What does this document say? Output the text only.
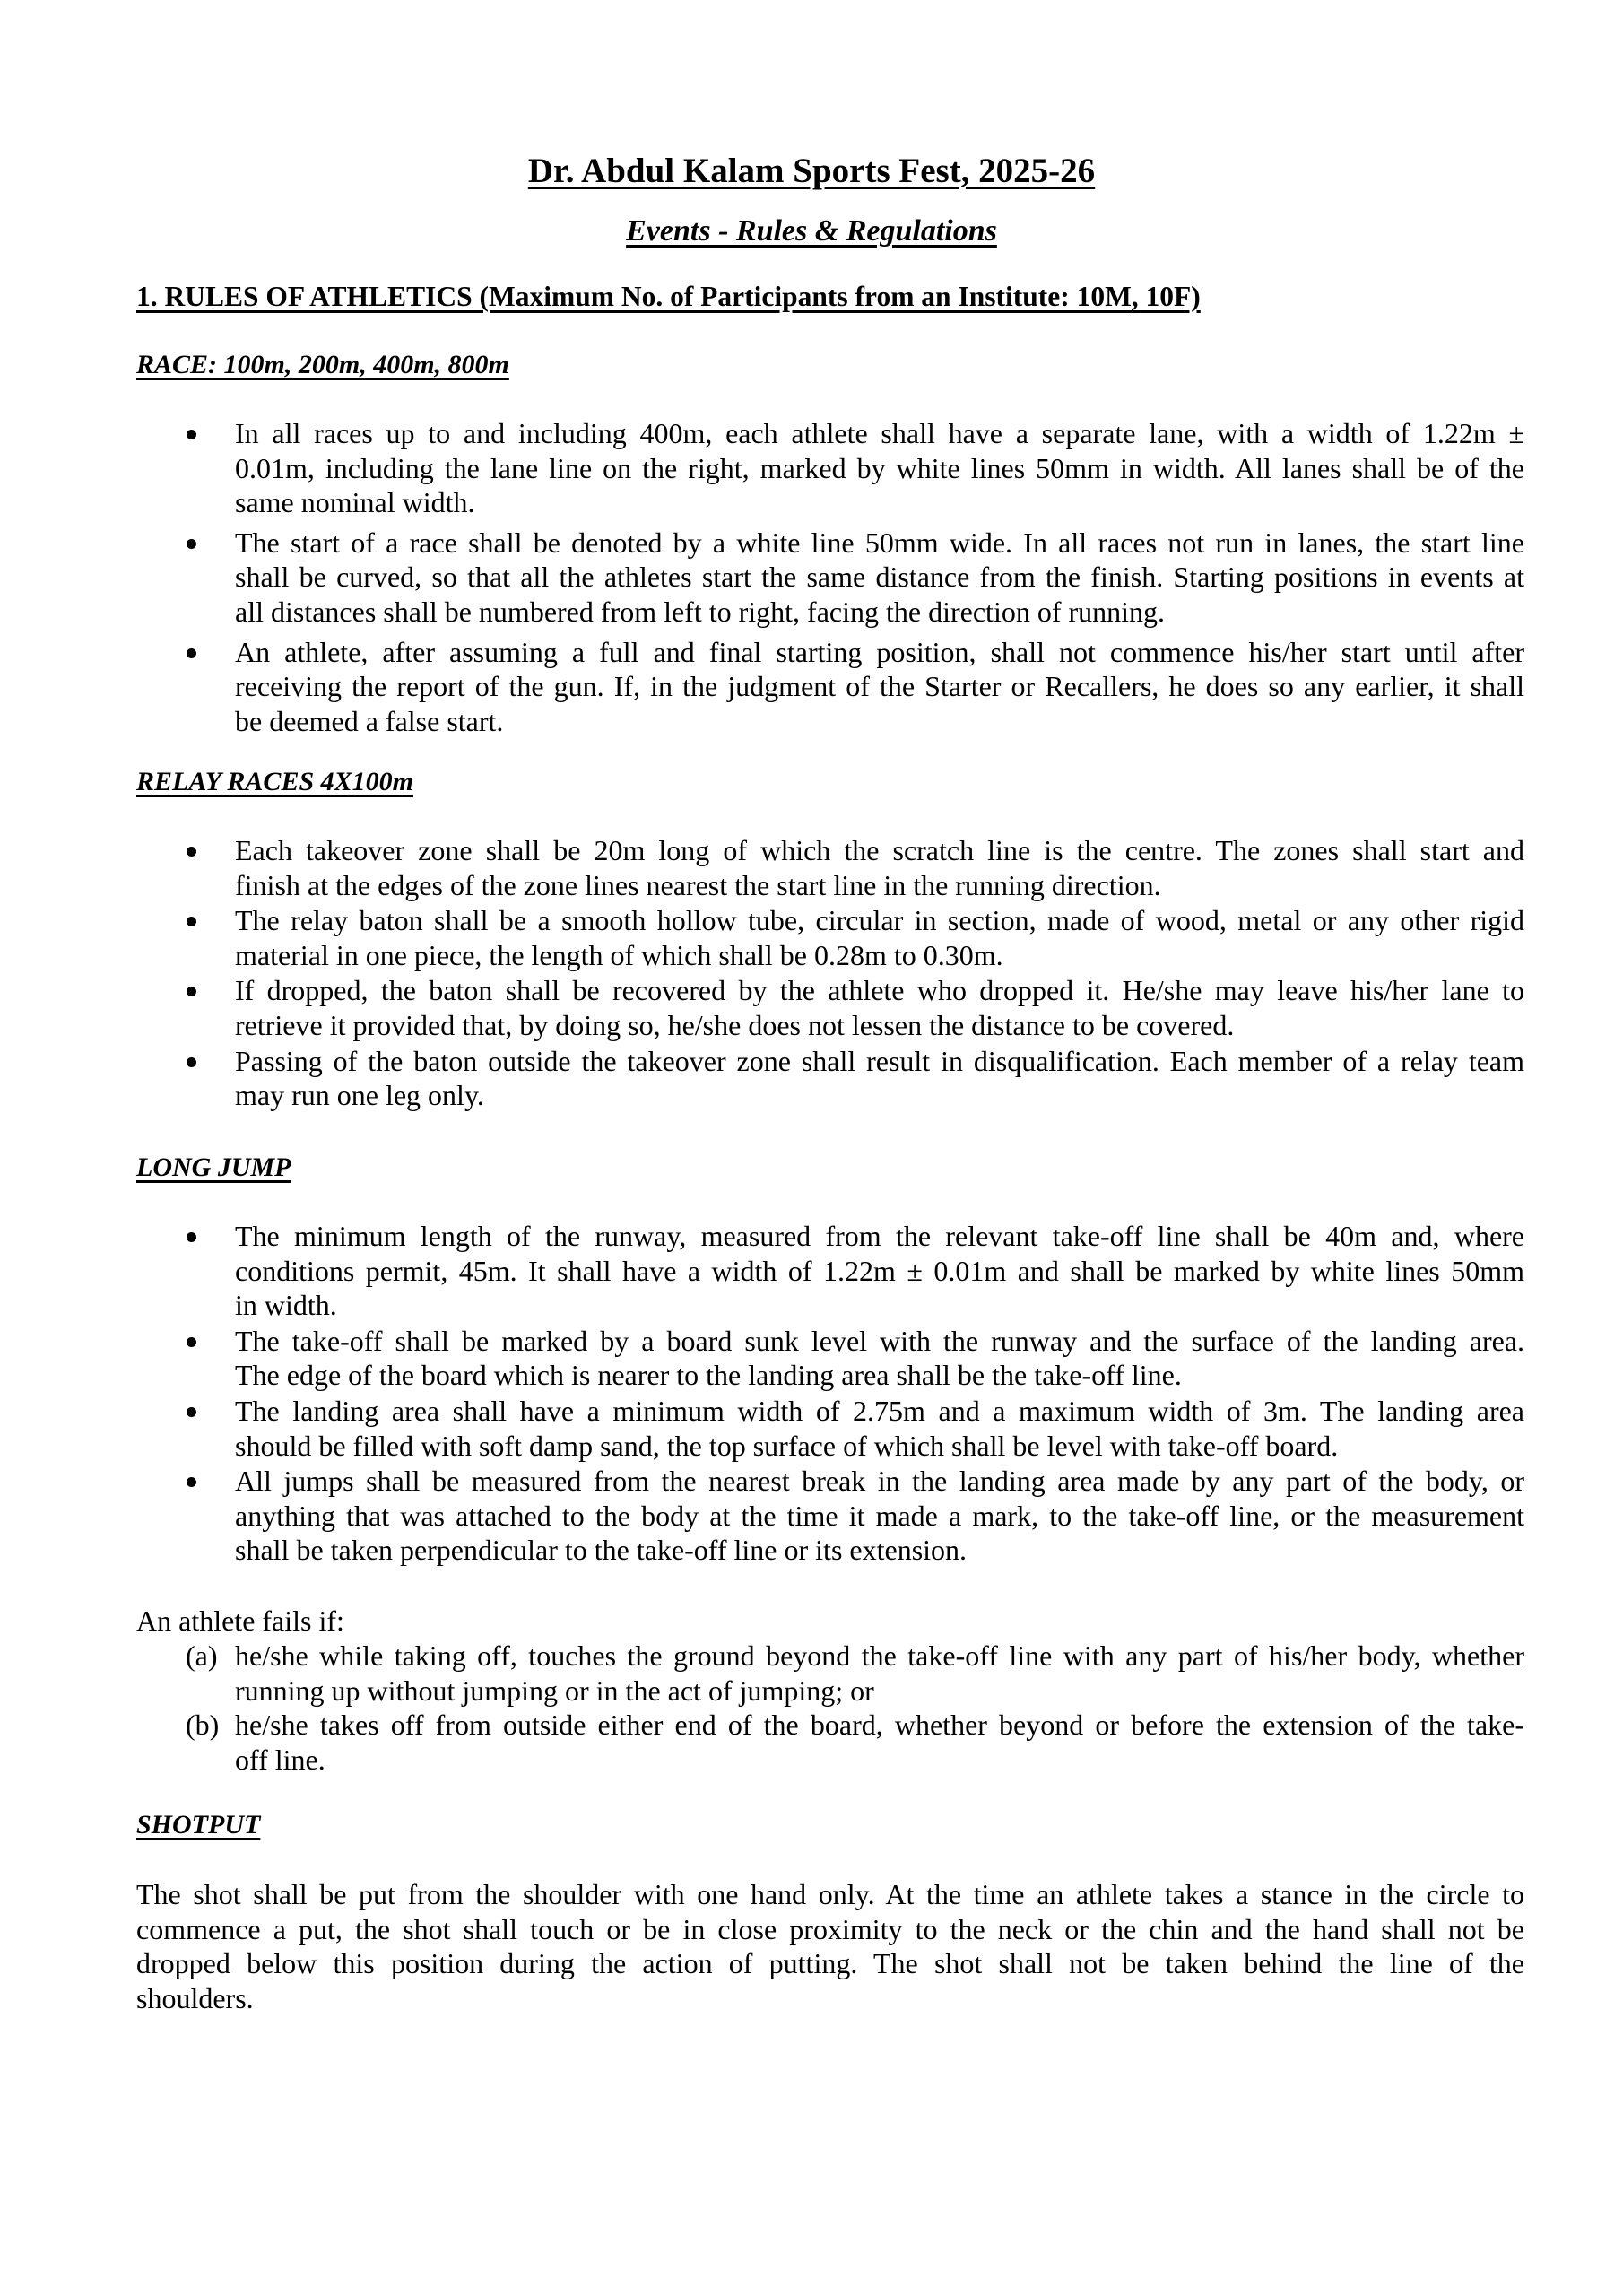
Dr. Abdul Kalam Sports Fest, 2025-26
Events - Rules & Regulations
1. RULES OF ATHLETICS (Maximum No. of Participants from an Institute: 10M, 10F)
RACE: 100m, 200m, 400m, 800m
In all races up to and including 400m, each athlete shall have a separate lane, with a width of 1.22m ±
0.01m, including the lane line on the right, marked by white lines 50mm in width. All lanes shall be of the
same nominal width.
The start of a race shall be denoted by a white line 50mm wide. In all races not run in lanes, the start line
shall be curved, so that all the athletes start the same distance from the finish. Starting positions in events at
all distances shall be numbered from left to right, facing the direction of running.
An athlete, after assuming a full and final starting position, shall not commence his/her start until after
receiving the report of the gun. If, in the judgment of the Starter or Recallers, he does so any earlier, it shall
be deemed a false start.
RELAY RACES 4X100m
Each takeover zone shall be 20m long of which the scratch line is the centre. The zones shall start and
finish at the edges of the zone lines nearest the start line in the running direction.
The relay baton shall be a smooth hollow tube, circular in section, made of wood, metal or any other rigid
material in one piece, the length of which shall be 0.28m to 0.30m.
If dropped, the baton shall be recovered by the athlete who dropped it. He/she may leave his/her lane to
retrieve it provided that, by doing so, he/she does not lessen the distance to be covered.
Passing of the baton outside the takeover zone shall result in disqualification. Each member of a relay team
may run one leg only.
LONG JUMP
The minimum length of the runway, measured from the relevant take-off line shall be 40m and, where
conditions permit, 45m. It shall have a width of 1.22m ± 0.01m and shall be marked by white lines 50mm
in width.
The take-off shall be marked by a board sunk level with the runway and the surface of the landing area.
The edge of the board which is nearer to the landing area shall be the take-off line.
The landing area shall have a minimum width of 2.75m and a maximum width of 3m. The landing area
should be filled with soft damp sand, the top surface of which shall be level with take-off board.
All jumps shall be measured from the nearest break in the landing area made by any part of the body, or
anything that was attached to the body at the time it made a mark, to the take-off line, or the measurement
shall be taken perpendicular to the take-off line or its extension.
An athlete fails if:
(a) he/she while taking off, touches the ground beyond the take-off line with any part of his/her body, whether
running up without jumping or in the act of jumping; or
(b) he/she takes off from outside either end of the board, whether beyond or before the extension of the take-
off line.
SHOTPUT
The shot shall be put from the shoulder with one hand only. At the time an athlete takes a stance in the circle to
commence a put, the shot shall touch or be in close proximity to the neck or the chin and the hand shall not be
dropped below this position during the action of putting. The shot shall not be taken behind the line of the
shoulders.
